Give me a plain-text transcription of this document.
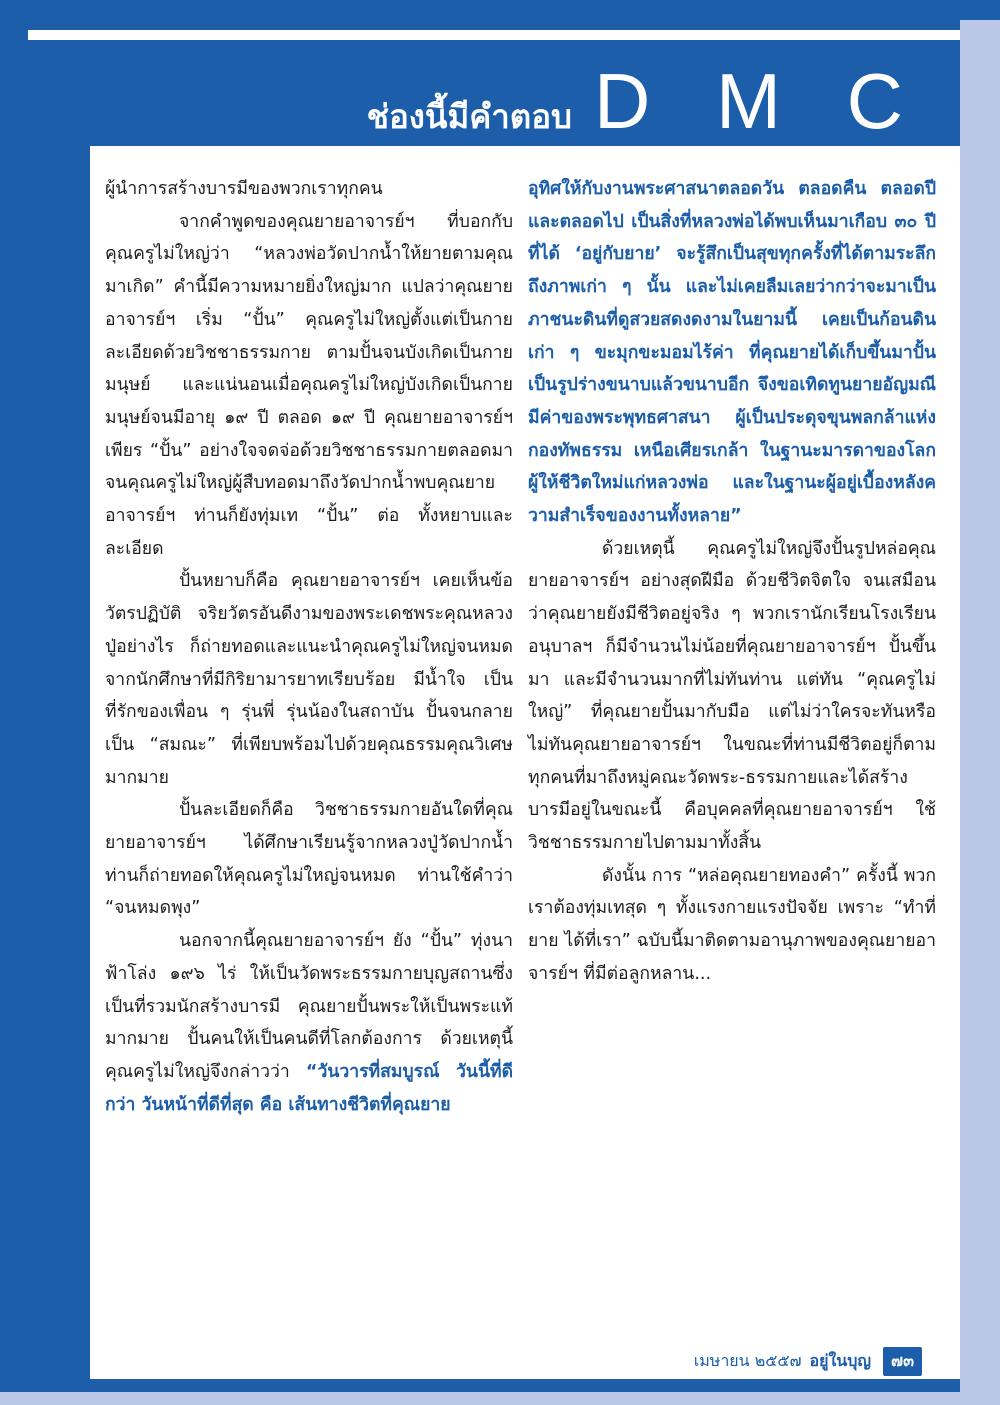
ช่องนี้มีคำตอบ D M C

ผู้นำการสร้างบารมีของพวกเราทุกคน

จากคำพูดของคุณยายอาจารย์ฯ ที่บอกกับคุณครูไม่ใหญ่ว่า “หลวงพ่อวัดปากน้ำให้ยายตามคุณมาเกิด” คำนี้มีความหมายยิ่งใหญ่มาก แปลว่าคุณยายอาจารย์ฯ เริ่ม “ปั้น” คุณครูไม่ใหญ่ตั้งแต่เป็นกายละเอียดด้วยวิชชาธรรมกาย ตามปั้นจนบังเกิดเป็นกายมนุษย์ และแน่นอนเมื่อคุณครูไม่ใหญ่บังเกิดเป็นกายมนุษย์จนมีอายุ ๑๙ ปี ตลอด ๑๙ ปี คุณยายอาจารย์ฯ เพียร “ปั้น” อย่างใจจดจ่อด้วยวิชชาธรรมกายตลอดมา จนคุณครูไม่ใหญ่ผู้สืบทอดมาถึงวัดปากน้ำพบคุณยายอาจารย์ฯ ท่านก็ยังทุ่มเท “ปั้น” ต่อ ทั้งหยาบและละเอียด

ปั้นหยาบก็คือ คุณยายอาจารย์ฯ เคยเห็นข้อวัตรปฏิบัติ จริยวัตรอันดีงามของพระเดชพระคุณหลวงปู่อย่างไร ก็ถ่ายทอดและแนะนำคุณครูไม่ใหญ่จนหมด จากนักศึกษาที่มีกิริยามารยาทเรียบร้อย มีน้ำใจ เป็นที่รักของเพื่อน ๆ รุ่นพี่ รุ่นน้องในสถาบัน ปั้นจนกลายเป็น “สมณะ” ที่เพียบพร้อมไปด้วยคุณธรรมคุณวิเศษมากมาย

ปั้นละเอียดก็คือ วิชชาธรรมกายอันใดที่คุณยายอาจารย์ฯ ได้ศึกษาเรียนรู้จากหลวงปู่วัดปากน้ำ ท่านก็ถ่ายทอดให้คุณครูไม่ใหญ่จนหมด ท่านใช้คำว่า “จนหมดพุง”

นอกจากนี้คุณยายอาจารย์ฯ ยัง “ปั้น” ทุ่งนาฟ้าโล่ง ๑๙๖ ไร่ ให้เป็นวัดพระธรรมกายบุญสถานซึ่งเป็นที่รวมนักสร้างบารมี คุณยายปั้นพระให้เป็นพระแท้มากมาย ปั้นคนให้เป็นคนดีที่โลกต้องการ ด้วยเหตุนี้ คุณครูไม่ใหญ่จึงกล่าวว่า “วันวารที่สมบูรณ์ วันนี้ที่ดีกว่า วันหน้าที่ดีที่สุด คือ เส้นทางชีวิตที่คุณยาย

อุทิศให้กับงานพระศาสนาตลอดวัน ตลอดคืน ตลอดปี และตลอดไป เป็นสิ่งที่หลวงพ่อได้พบเห็นมาเกือบ ๓๐ ปี ที่ได้ ‘อยู่กับยาย’ จะรู้สึกเป็นสุขทุกครั้งที่ได้ตามระลึกถึงภาพเก่า ๆ นั้น และไม่เคยลืมเลยว่ากว่าจะมาเป็นภาชนะดินที่ดูสวยสดงดงามในยามนี้ เคยเป็นก้อนดินเก่า ๆ ขะมุกขะมอมไร้ค่า ที่คุณยายได้เก็บขึ้นมาปั้นเป็นรูปร่างขนาบแล้วขนาบอีก จึงขอเทิดทูนยายอัญมณีมีค่าของพระพุทธศาสนา ผู้เป็นประดุจขุนพลกล้าแห่งกองทัพธรรม เหนือเศียรเกล้า ในฐานะมารดาของโลก ผู้ให้ชีวิตใหม่แก่หลวงพ่อ และในฐานะผู้อยู่เบื้องหลังความสำเร็จของงานทั้งหลาย”

ด้วยเหตุนี้ คุณครูไม่ใหญ่จึงปั้นรูปหล่อคุณยายอาจารย์ฯ อย่างสุดฝีมือ ด้วยชีวิตจิตใจ จนเสมือนว่าคุณยายยังมีชีวิตอยู่จริง ๆ พวกเรานักเรียนโรงเรียนอนุบาลฯ ก็มีจำนวนไม่น้อยที่คุณยายอาจารย์ฯ ปั้นขึ้นมา และมีจำนวนมากที่ไม่ทันท่าน แต่ทัน “คุณครูไม่ใหญ่” ที่คุณยายปั้นมากับมือ แต่ไม่ว่าใครจะทันหรือไม่ทันคุณยายอาจารย์ฯ ในขณะที่ท่านมีชีวิตอยู่ก็ตาม ทุกคนที่มาถึงหมู่คณะวัดพระ-ธรรมกายและได้สร้างบารมีอยู่ในขณะนี้ คือบุคคลที่คุณยายอาจารย์ฯ ใช้วิชชาธรรมกายไปตามมาทั้งสิ้น

ดังนั้น การ “หล่อคุณยายทองคำ” ครั้งนี้ พวกเราต้องทุ่มเทสุด ๆ ทั้งแรงกายแรงปัจจัย เพราะ “ทำที่ยาย ได้ที่เรา” ฉบับนี้มาติดตามอานุภาพของคุณยายอาจารย์ฯ ที่มีต่อลูกหลาน...

เมษายน ๒๕๕๗ อยู่ในบุญ	๗๓
